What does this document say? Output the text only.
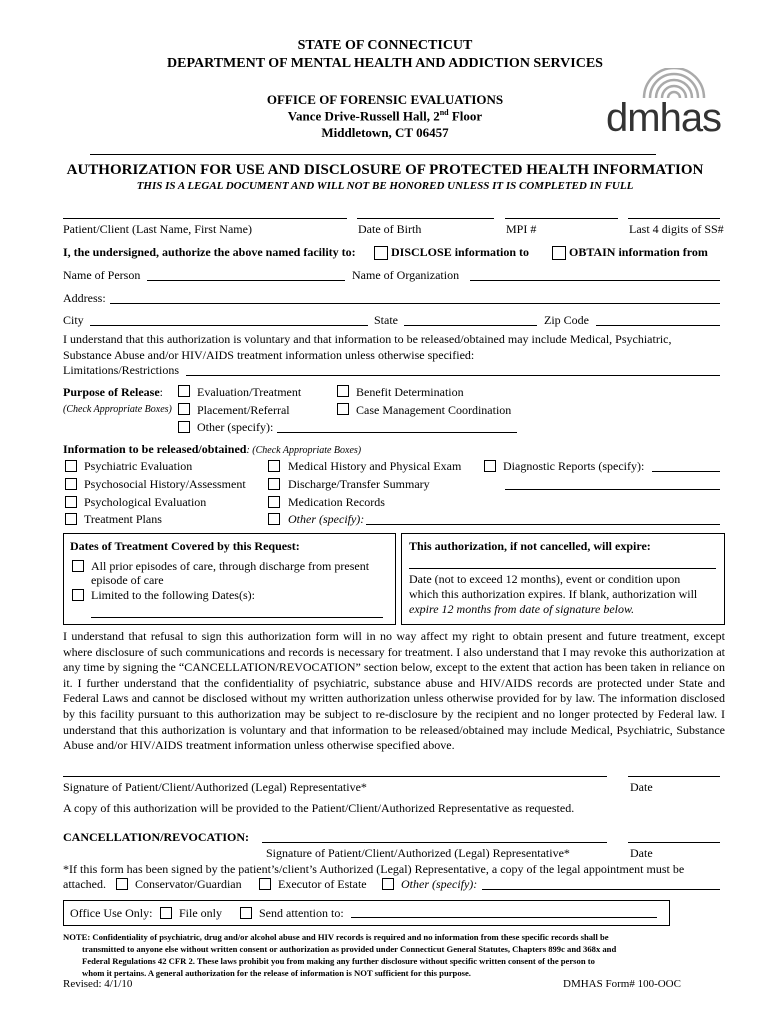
STATE OF CONNECTICUT
DEPARTMENT OF MENTAL HEALTH AND ADDICTION SERVICES
OFFICE OF FORENSIC EVALUATIONS
Vance Drive-Russell Hall, 2nd Floor
Middletown, CT 06457	dmhas
AUTHORIZATION FOR USE AND DISCLOSURE OF PROTECTED HEALTH INFORMATION
THIS IS A LEGAL DOCUMENT AND WILL NOT BE HONORED UNLESS IT IS COMPLETED IN FULL
Patient/Client (Last Name, First Name)	Date of Birth	MPI #	Last 4 digits of SS#
I, the undersigned, authorize the above named facility to:	DISCLOSE information to	OBTAIN information from
Name of Person	Name of Organization
Address:
City	State	Zip Code
I understand that this authorization is voluntary and that information to be released/obtained may include Medical, Psychiatric, Substance Abuse and/or HIV/AIDS treatment information unless otherwise specified:
Limitations/Restrictions
Purpose of Release:	Evaluation/Treatment	Benefit Determination
(Check Appropriate Boxes) Placement/Referral	Case Management Coordination
Other (specify):
Information to be released/obtained: (Check Appropriate Boxes)
Psychiatric Evaluation	Medical History and Physical Exam	Diagnostic Reports (specify):
Psychosocial History/Assessment	Discharge/Transfer Summary
Psychological Evaluation	Medication Records
Treatment Plans	Other (specify):
Dates of Treatment Covered by this Request:
All prior episodes of care, through discharge from present
episode of care
Limited to the following Dates(s):
This authorization, if not cancelled, will expire:
Date (not to exceed 12 months), event or condition upon
which this authorization expires. If blank, authorization will
expire 12 months from date of signature below.
I understand that refusal to sign this authorization form will in no way affect my right to obtain present and future treatment, except where disclosure of such communications and records is necessary for treatment. I also understand that I may revoke this authorization at any time by signing the “CANCELLATION/REVOCATION” section below, except to the extent that action has been taken in reliance on it. I further understand that the confidentiality of psychiatric, substance abuse and HIV/AIDS records are protected under State and Federal Laws and cannot be disclosed without my written authorization unless otherwise provided for by law. The information disclosed by this facility pursuant to this authorization may be subject to re-disclosure by the recipient and no longer protected by Federal law. I understand that this authorization is voluntary and that information to be released/obtained may include Medical, Psychiatric, Substance Abuse and/or HIV/AIDS treatment information unless otherwise specified above.
Signature of Patient/Client/Authorized (Legal) Representative*	Date
A copy of this authorization will be provided to the Patient/Client/Authorized Representative as requested.
CANCELLATION/REVOCATION:
Signature of Patient/Client/Authorized (Legal) Representative*	Date
*If this form has been signed by the patient’s/client’s Authorized (Legal) Representative, a copy of the legal appointment must be
attached. Conservator/Guardian	Executor of Estate	Other (specify):
Office Use Only: File only	Send attention to:
NOTE: Confidentiality of psychiatric, drug and/or alcohol abuse and HIV records is required and no information from these specific records shall be
transmitted to anyone else without written consent or authorization as provided under Connecticut General Statutes, Chapters 899c and 368x and
Federal Regulations 42 CFR 2. These laws prohibit you from making any further disclosure without specific written consent of the person to
whom it pertains. A general authorization for the release of information is NOT sufficient for this purpose.
Revised: 4/1/10	DMHAS Form# 100-OOC
